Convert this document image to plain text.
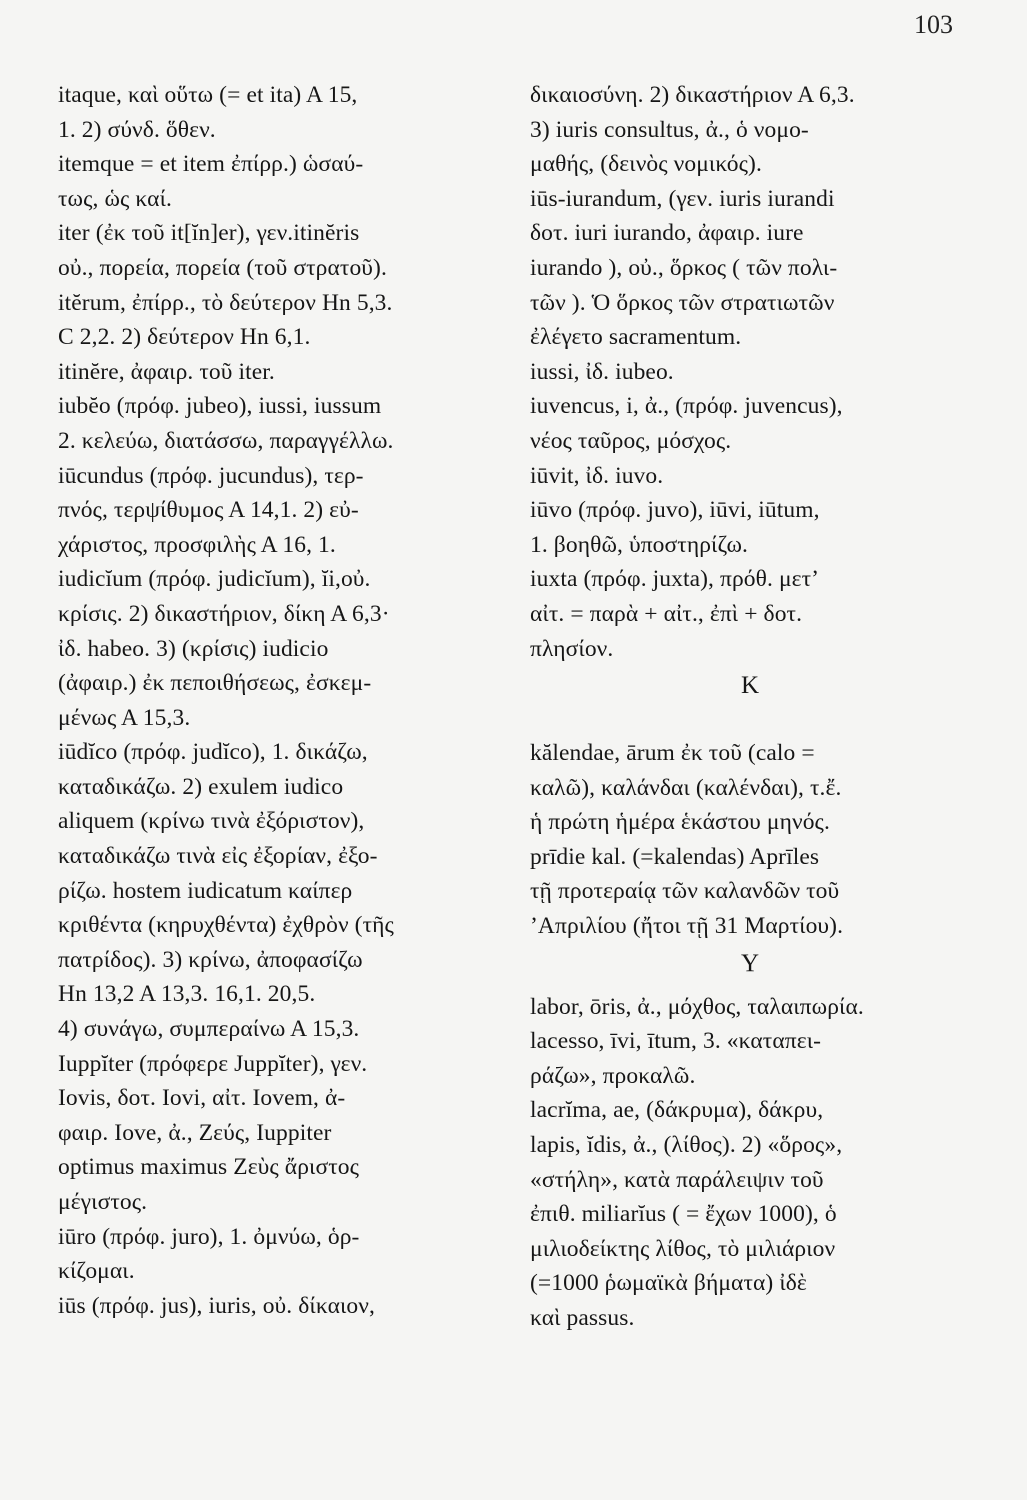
103
itaque, καὶ οὕτω (= et ita) Α 15,
1. 2) σύνδ. ὅθεν.
itemque = et item ἐπίρρ.) ὡσαύ-
τως, ὡς καί.
iter (ἐκ τοῦ it[ĭn]er), γεν.itinĕris
οὐ., πορεία, πορεία (τοῦ στρατοῦ).
itĕrum, ἐπίρρ., τὸ δεύτερον Hn 5,3.
C 2,2. 2) δεύτερον Hn 6,1.
itinĕre, ἀφαιρ. τοῦ iter.
iubĕo (πρόφ. jubeo), iussi, iussum
2. κελεύω, διατάσσω, παραγγέλλω.
iūcundus (πρόφ. jucundus), τερ-
πνός, τερψίθυμος Α 14,1. 2) εὐ-
χάριστος, προσφιλὴς Α 16, 1.
iudicĭum (πρόφ. judicĭum), ĭi,οὐ.
κρίσις. 2) δικαστήριον, δίκη Α 6,3·
ἰδ. habeo. 3) (κρίσις) iudicio
(ἀφαιρ.) ἐκ πεποιθήσεως, ἐσκεμ-
μένως Α 15,3.
iūdĭco (πρόφ. judĭco), 1. δικάζω,
καταδικάζω. 2) exulem iudico
aliquem (κρίνω τινὰ ἐξόριστον),
καταδικάζω τινὰ εἰς ἐξορίαν, ἐξο-
ρίζω. hostem iudicatum καίπερ
κριθέντα (κηρυχθέντα) ἐχθρὸν (τῆς
πατρίδος). 3) κρίνω, ἀποφασίζω
Hn 13,2 A 13,3. 16,1. 20,5.
4) συνάγω, συμπεραίνω Α 15,3.
Iuppĭter (πρόφερε Juppĭter), γεν.
Iovis, δοτ. Iovi, αἰτ. Iovem, ἀ-
φαιρ. Iove, ἀ., Ζεύς, Iuppiter
optimus maximus Ζεὺς ἄριστος
μέγιστος.
iūro (πρόφ. juro), 1. ὀμνύω, ὁρ-
κίζομαι.
iūs (πρόφ. jus), iuris, οὐ. δίκαιον,
δικαιοσύνη. 2) δικαστήριον Α 6,3.
3) iuris consultus, ἀ., ὁ νομο-
μαθής, (δεινὸς νομικός).
iūs-iurandum, (γεν. iuris iurandi
δοτ. iuri iurando, ἀφαιρ. iure
iurando ), οὐ., ὅρκος ( τῶν πολι-
τῶν ). Ὁ ὅρκος τῶν στρατιωτῶν
ἐλέγετο sacramentum.
iussi, ἰδ. iubeo.
iuvencus, i, ἀ., (πρόφ. juvencus),
νέος ταῦρος, μόσχος.
iūvit, ἰδ. iuvo.
iūvo (πρόφ. juvo), iūvi, iūtum,
1. βοηθῶ, ὑποστηρίζω.
iuxta (πρόφ. juxta), πρόθ. μετ’
αἰτ. = παρὰ + αἰτ., ἐπὶ + δοτ.
πλησίον.
K
kălendae, ārum ἐκ τοῦ (calo =
καλῶ), καλάνδαι (καλένδαι), τ.ἔ.
ἡ πρώτη ἡμέρα ἑκάστου μηνός.
prīdie kal. (=kalendas) Aprīles
τῇ προτεραίᾳ τῶν καλανδῶν τοῦ
’Απριλίου (ἤτοι τῇ 31 Μαρτίου).
Υ
labor, ōris, ἀ., μόχθος, ταλαιπωρία.
lacesso, īvi, ītum, 3. «καταπει-
ράζω», προκαλῶ.
lacrĭma, ae, (δάκρυμα), δάκρυ,
lapis, ĭdis, ἀ., (λίθος). 2) «ὅρος»,
«στήλη», κατὰ παράλειψιν τοῦ
ἐπιθ. miliarĭus ( = ἔχων 1000), ὁ
μιλιοδείκτης λίθος, τὸ μιλιάριον
(=1000 ῥωμαϊκὰ βήματα) ἰδὲ
καὶ passus.
